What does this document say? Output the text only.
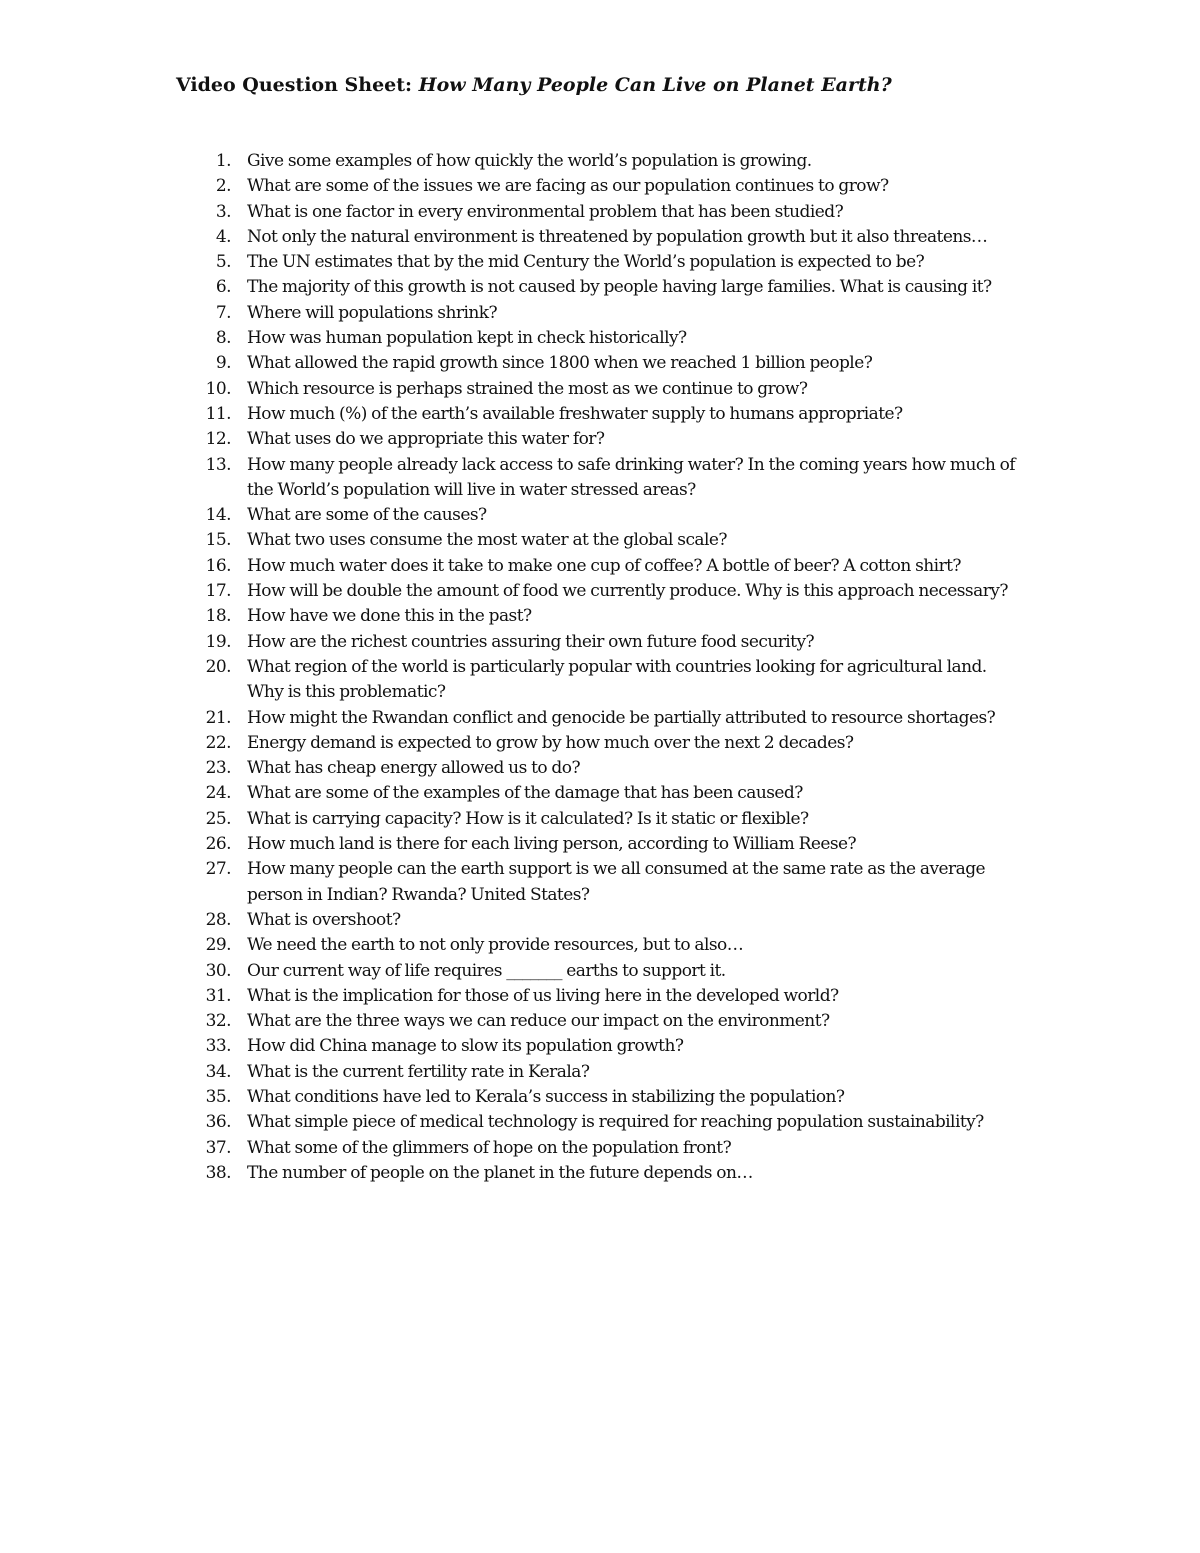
Video Question Sheet: How Many People Can Live on Planet Earth?
1. Give some examples of how quickly the world’s population is growing.
2. What are some of the issues we are facing as our population continues to grow?
3. What is one factor in every environmental problem that has been studied?
4. Not only the natural environment is threatened by population growth but it also threatens…
5. The UN estimates that by the mid Century the World’s population is expected to be?
6. The majority of this growth is not caused by people having large families. What is causing it?
7. Where will populations shrink?
8. How was human population kept in check historically?
9. What allowed the rapid growth since 1800 when we reached 1 billion people?
10. Which resource is perhaps strained the most as we continue to grow?
11. How much (%) of the earth’s available freshwater supply to humans appropriate?
12. What uses do we appropriate this water for?
13. How many people already lack access to safe drinking water? In the coming years how much of the World’s population will live in water stressed areas?
14. What are some of the causes?
15. What two uses consume the most water at the global scale?
16. How much water does it take to make one cup of coffee? A bottle of beer? A cotton shirt?
17. How will be double the amount of food we currently produce. Why is this approach necessary?
18. How have we done this in the past?
19. How are the richest countries assuring their own future food security?
20. What region of the world is particularly popular with countries looking for agricultural land. Why is this problematic?
21. How might the Rwandan conflict and genocide be partially attributed to resource shortages?
22. Energy demand is expected to grow by how much over the next 2 decades?
23. What has cheap energy allowed us to do?
24. What are some of the examples of the damage that has been caused?
25. What is carrying capacity? How is it calculated? Is it static or flexible?
26. How much land is there for each living person, according to William Reese?
27. How many people can the earth support is we all consumed at the same rate as the average person in Indian? Rwanda? United States?
28. What is overshoot?
29. We need the earth to not only provide resources, but to also…
30. Our current way of life requires _______ earths to support it.
31. What is the implication for those of us living here in the developed world?
32. What are the three ways we can reduce our impact on the environment?
33. How did China manage to slow its population growth?
34. What is the current fertility rate in Kerala?
35. What conditions have led to Kerala’s success in stabilizing the population?
36. What simple piece of medical technology is required for reaching population sustainability?
37. What some of the glimmers of hope on the population front?
38. The number of people on the planet in the future depends on…
